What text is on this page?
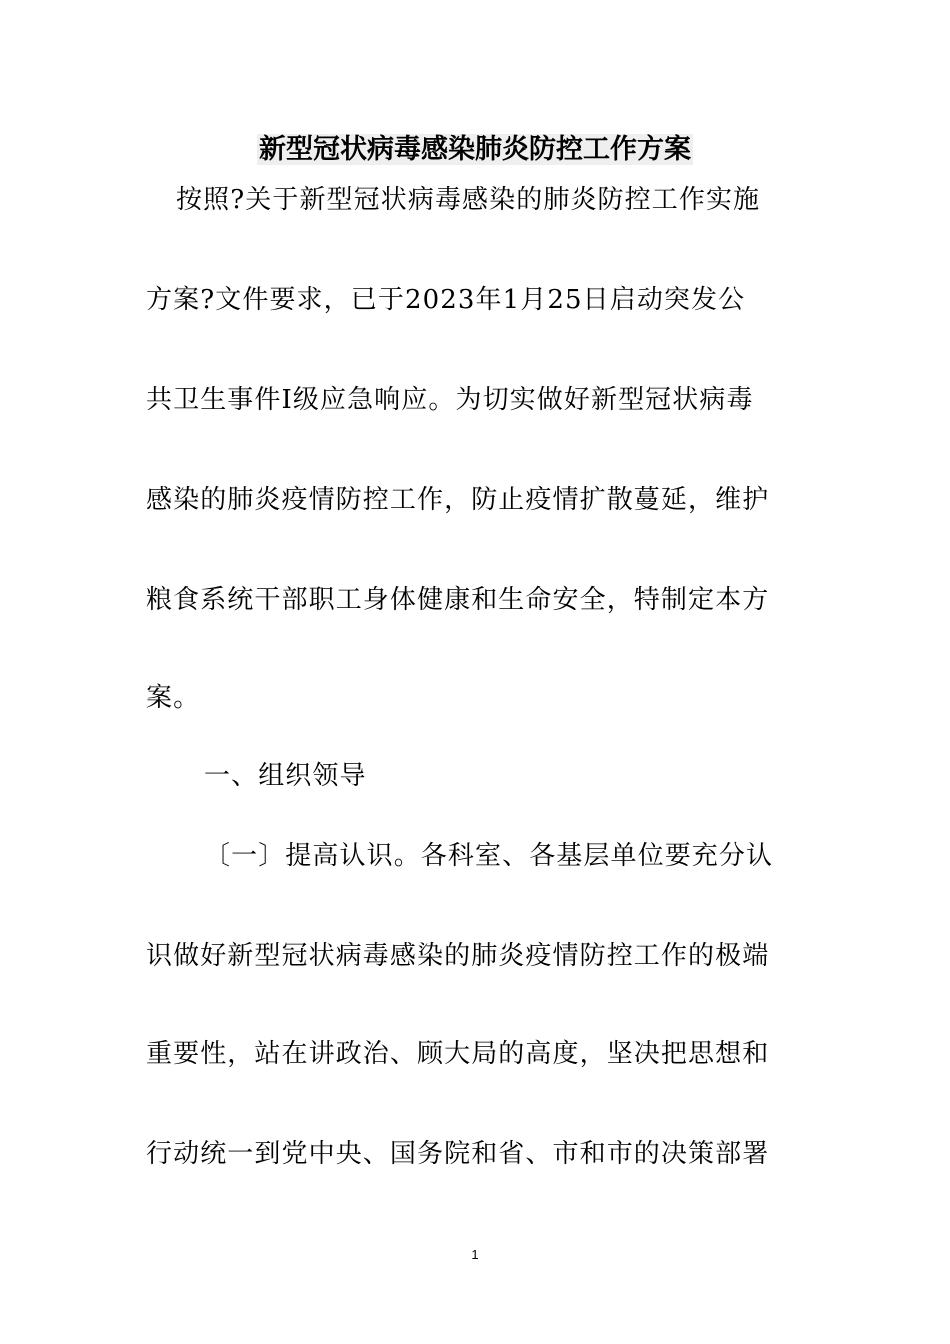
新型冠状病毒感染肺炎防控工作方案
按照?关于新型冠状病毒感染的肺炎防控工作实施
方案?文件要求，已于2023年1月25日启动突发公
共卫生事件Ⅰ级应急响应。为切实做好新型冠状病毒
感染的肺炎疫情防控工作，防止疫情扩散蔓延，维护
粮食系统干部职工身体健康和生命安全，特制定本方
案。
一、组织领导
〔一〕提高认识。各科室、各基层单位要充分认
识做好新型冠状病毒感染的肺炎疫情防控工作的极端
重要性，站在讲政治、顾大局的高度，坚决把思想和
行动统一到党中央、国务院和省、市和市的决策部署
1
